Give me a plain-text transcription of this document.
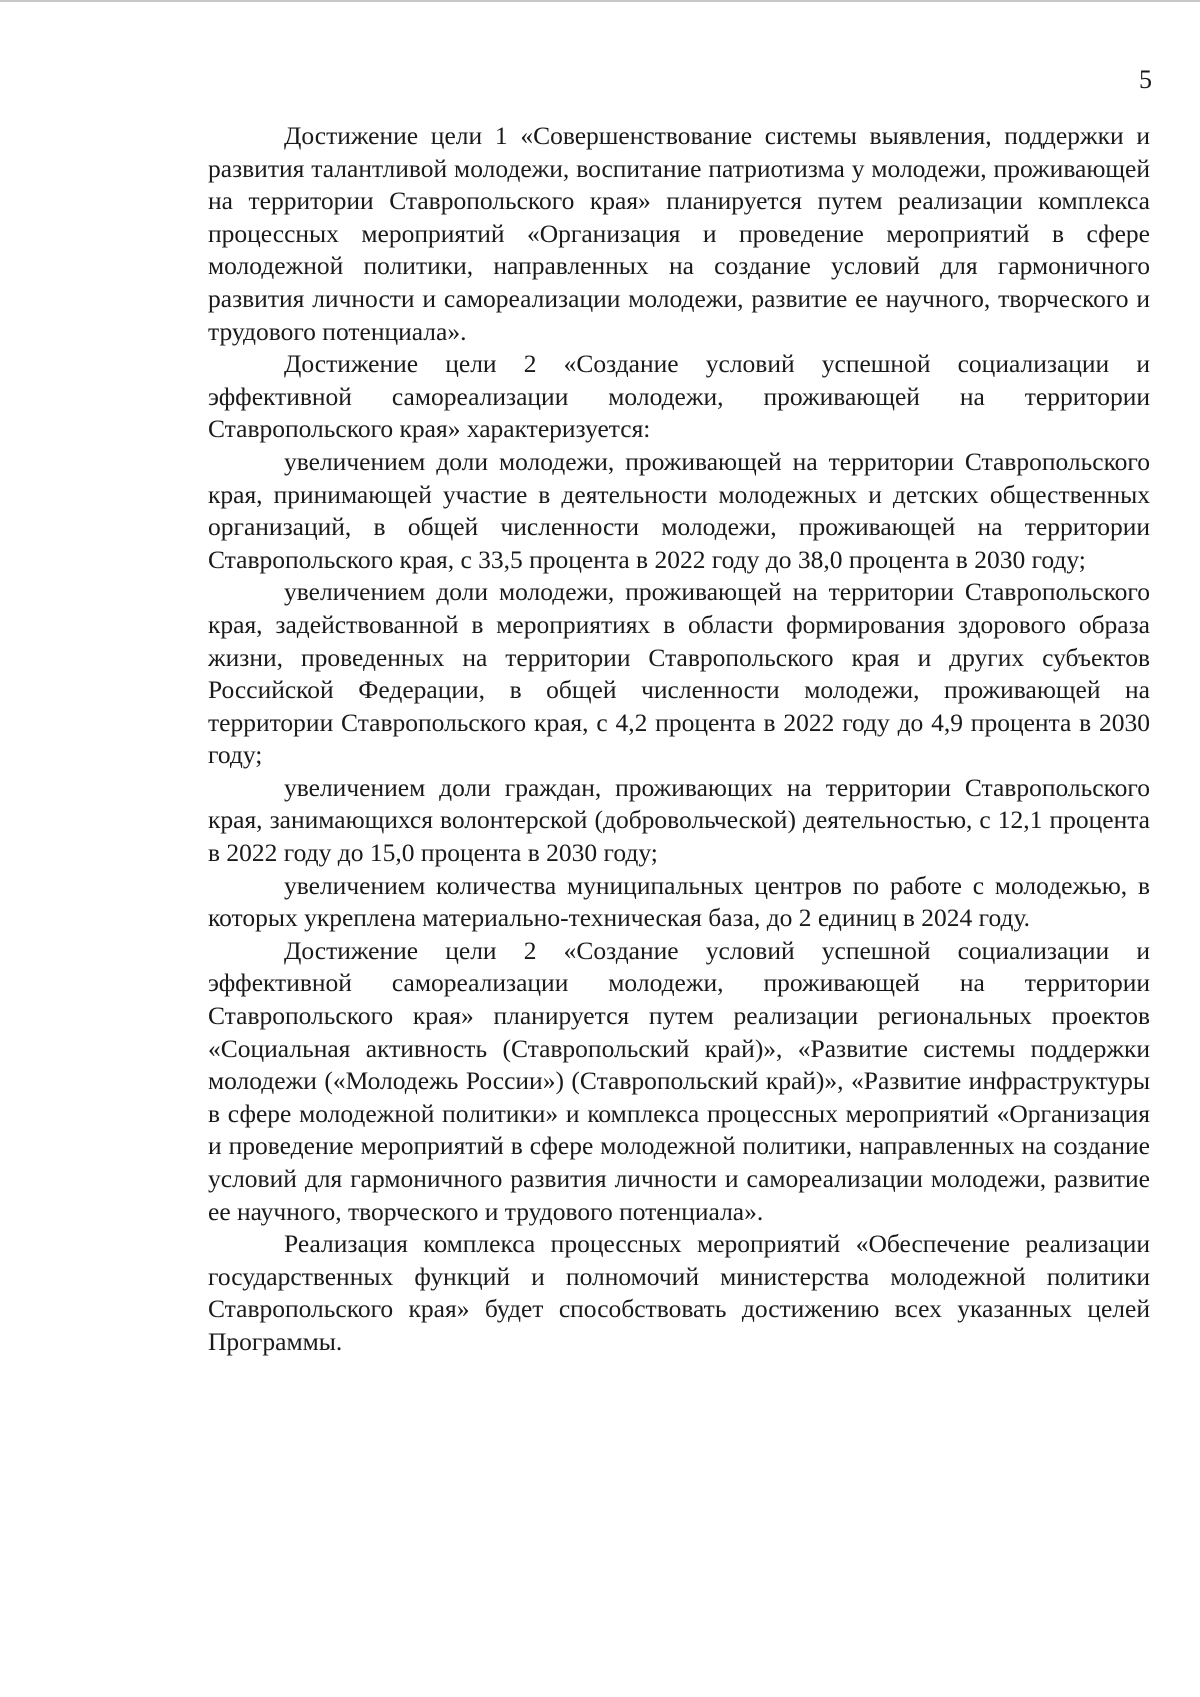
5

Достижение цели 1 «Совершенствование системы выявления, поддержки и развития талантливой молодежи, воспитание патриотизма у молодежи, проживающей на территории Ставропольского края» планируется путем реализации комплекса процессных мероприятий «Организация и проведение мероприятий в сфере молодежной политики, направленных на создание условий для гармоничного развития личности и самореализации молодежи, развитие ее научного, творческого и трудового потенциала».

Достижение цели 2 «Создание условий успешной социализации и эффективной самореализации молодежи, проживающей на территории Ставропольского края» характеризуется:

увеличением доли молодежи, проживающей на территории Ставропольского края, принимающей участие в деятельности молодежных и детских общественных организаций, в общей численности молодежи, проживающей на территории Ставропольского края, с 33,5 процента в 2022 году до 38,0 процента в 2030 году;

увеличением доли молодежи, проживающей на территории Ставропольского края, задействованной в мероприятиях в области формирования здорового образа жизни, проведенных на территории Ставропольского края и других субъектов Российской Федерации, в общей численности молодежи, проживающей на территории Ставропольского края, с 4,2 процента в 2022 году до 4,9 процента в 2030 году;

увеличением доли граждан, проживающих на территории Ставропольского края, занимающихся волонтерской (добровольческой) деятельностью, с 12,1 процента в 2022 году до 15,0 процента в 2030 году;

увеличением количества муниципальных центров по работе с молодежью, в которых укреплена материально-техническая база, до 2 единиц в 2024 году.

Достижение цели 2 «Создание условий успешной социализации и эффективной самореализации молодежи, проживающей на территории Ставропольского края» планируется путем реализации региональных проектов «Социальная активность (Ставропольский край)», «Развитие системы поддержки молодежи («Молодежь России») (Ставропольский край)», «Развитие инфраструктуры в сфере молодежной политики» и комплекса процессных мероприятий «Организация и проведение мероприятий в сфере молодежной политики, направленных на создание условий для гармоничного развития личности и самореализации молодежи, развитие ее научного, творческого и трудового потенциала».

Реализация комплекса процессных мероприятий «Обеспечение реализации государственных функций и полномочий министерства молодежной политики Ставропольского края» будет способствовать достижению всех указанных целей Программы.
